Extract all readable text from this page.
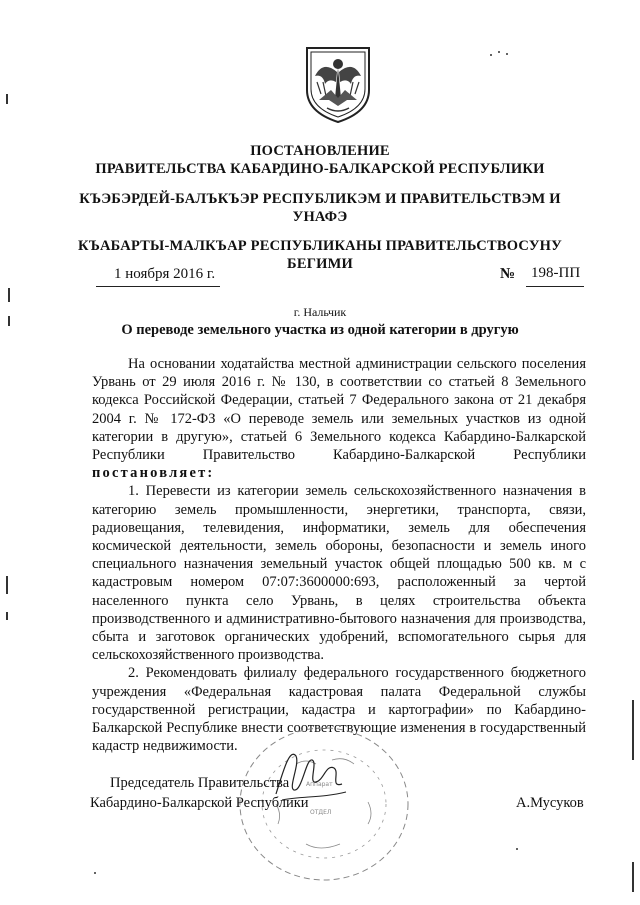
ПОСТАНОВЛЕНИЕ
ПРАВИТЕЛЬСТВА КАБАРДИНО-БАЛКАРСКОЙ РЕСПУБЛИКИ
КЪЭБЭРДЕЙ-БАЛЪКЪЭР РЕСПУБЛИКЭМ И ПРАВИТЕЛЬСТВЭМ И
УНАФЭ
КЪАБАРТЫ-МАЛКЪАР РЕСПУБЛИКАНЫ ПРАВИТЕЛЬСТВОСУНУ
БЕГИМИ
1 ноября 2016 г.	№ 198-ПП
г. Нальчик
О переводе земельного участка из одной категории в другую

На основании ходатайства местной администрации сельского поселения Урвань от 29 июля 2016 г. № 130, в соответствии со статьей 8 Земельного кодекса Российской Федерации, статьей 7 Федерального закона от 21 декабря 2004 г. № 172-ФЗ «О переводе земель или земельных участков из одной категории в другую», статьей 6 Земельного кодекса Кабардино-Балкарской Республики Правительство Кабардино-Балкарской Республики постановляет:

1. Перевести из категории земель сельскохозяйственного назначения в категорию земель промышленности, энергетики, транспорта, связи, радиовещания, телевидения, информатики, земель для обеспечения космической деятельности, земель обороны, безопасности и земель иного специального назначения земельный участок общей площадью 500 кв. м с кадастровым номером 07:07:3600000:693, расположенный за чертой населенного пункта село Урвань, в целях строительства объекта производственного и административно-бытового назначения для производства, сбыта и заготовок органических удобрений, вспомогательного сырья для сельскохозяйственного производства.

2. Рекомендовать филиалу федерального государственного бюджетного учреждения «Федеральная кадастровая палата Федеральной службы государственной регистрации, кадастра и картографии» по Кабардино-Балкарской Республике внести соответствующие изменения в государственный кадастр недвижимости.

Аппарат
ОТДЕЛ
Председатель Правительства
Кабардино-Балкарской Республики	А.Мусуков
